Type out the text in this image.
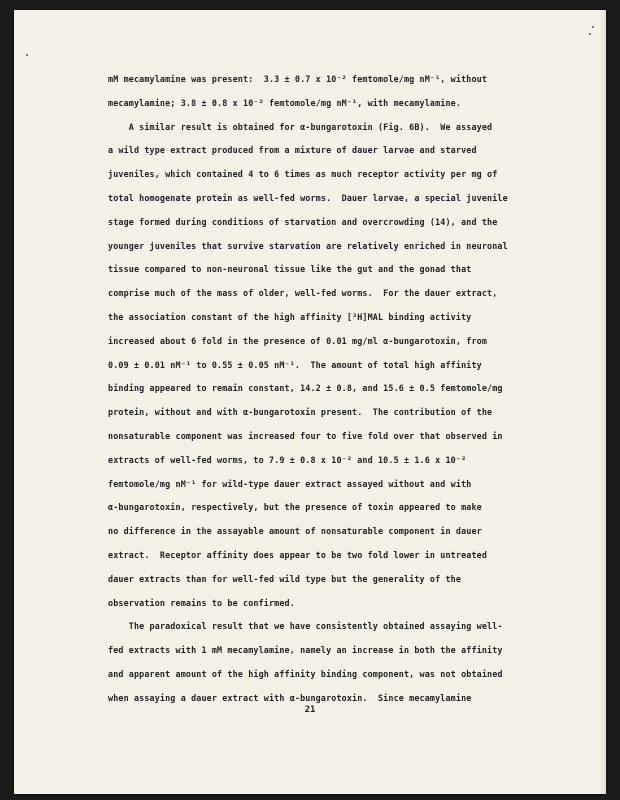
mM mecamylamine was present:  3.3 ± 0.7 x 10⁻² femtomole/mg nM⁻¹, without
mecamylamine; 3.8 ± 0.8 x 10⁻² femtomole/mg nM⁻¹, with mecamylamine.
A similar result is obtained for α-bungarotoxin (Fig. 6B).  We assayed
a wild type extract produced from a mixture of dauer larvae and starved
juveniles, which contained 4 to 6 times as much receptor activity per mg of
total homogenate protein as well-fed worms.  Dauer larvae, a special juvenile
stage formed during conditions of starvation and overcrowding (14), and the
younger juveniles that survive starvation are relatively enriched in neuronal
tissue compared to non-neuronal tissue like the gut and the gonad that
comprise much of the mass of older, well-fed worms.  For the dauer extract,
the association constant of the high affinity [³H]MAL binding activity
increased about 6 fold in the presence of 0.01 mg/ml α-bungarotoxin, from
0.09 ± 0.01 nM⁻¹ to 0.55 ± 0.05 nM⁻¹.  The amount of total high affinity
binding appeared to remain constant, 14.2 ± 0.8, and 15.6 ± 0.5 femtomole/mg
protein, without and with α-bungarotoxin present.  The contribution of the
nonsaturable component was increased four to five fold over that observed in
extracts of well-fed worms, to 7.9 ± 0.8 x 10⁻² and 10.5 ± 1.6 x 10⁻²
femtomole/mg nM⁻¹ for wild-type dauer extract assayed without and with
α-bungarotoxin, respectively, but the presence of toxin appeared to make
no difference in the assayable amount of nonsaturable component in dauer
extract.  Receptor affinity does appear to be two fold lower in untreated
dauer extracts than for well-fed wild type but the generality of the
observation remains to be confirmed.
The paradoxical result that we have consistently obtained assaying well-
fed extracts with 1 mM mecamylamine, namely an increase in both the affinity
and apparent amount of the high affinity binding component, was not obtained
when assaying a dauer extract with α-bungarotoxin.  Since mecamylamine
21
